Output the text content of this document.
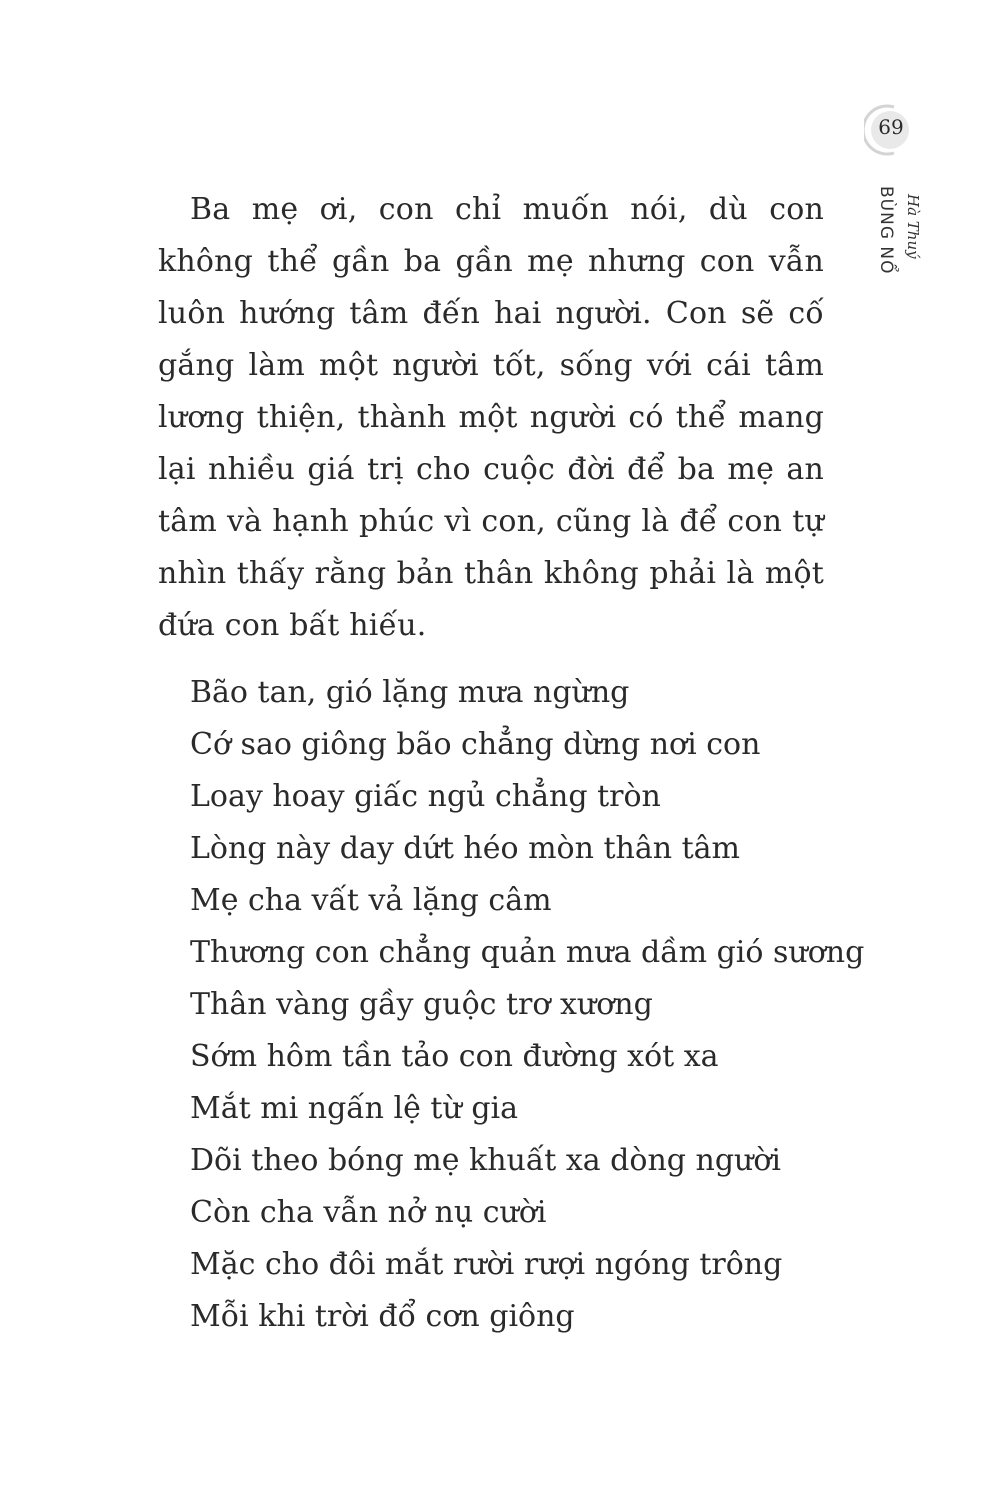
69
BÙNG NỔ Hà Thuý

Ba mẹ ơi, con chỉ muốn nói, dù con không thể gần ba gần mẹ nhưng con vẫn luôn hướng tâm đến hai người. Con sẽ cố gắng làm một người tốt, sống với cái tâm lương thiện, thành một người có thể mang lại nhiều giá trị cho cuộc đời để ba mẹ an tâm và hạnh phúc vì con, cũng là để con tự nhìn thấy rằng bản thân không phải là một đứa con bất hiếu.

Bão tan, gió lặng mưa ngừng
Cớ sao giông bão chẳng dừng nơi con
Loay hoay giấc ngủ chẳng tròn
Lòng này day dứt héo mòn thân tâm
Mẹ cha vất vả lặng câm
Thương con chẳng quản mưa dầm gió sương
Thân vàng gầy guộc trơ xương
Sớm hôm tần tảo con đường xót xa
Mắt mi ngấn lệ từ gia
Dõi theo bóng mẹ khuất xa dòng người
Còn cha vẫn nở nụ cười
Mặc cho đôi mắt rười rượi ngóng trông
Mỗi khi trời đổ cơn giông
